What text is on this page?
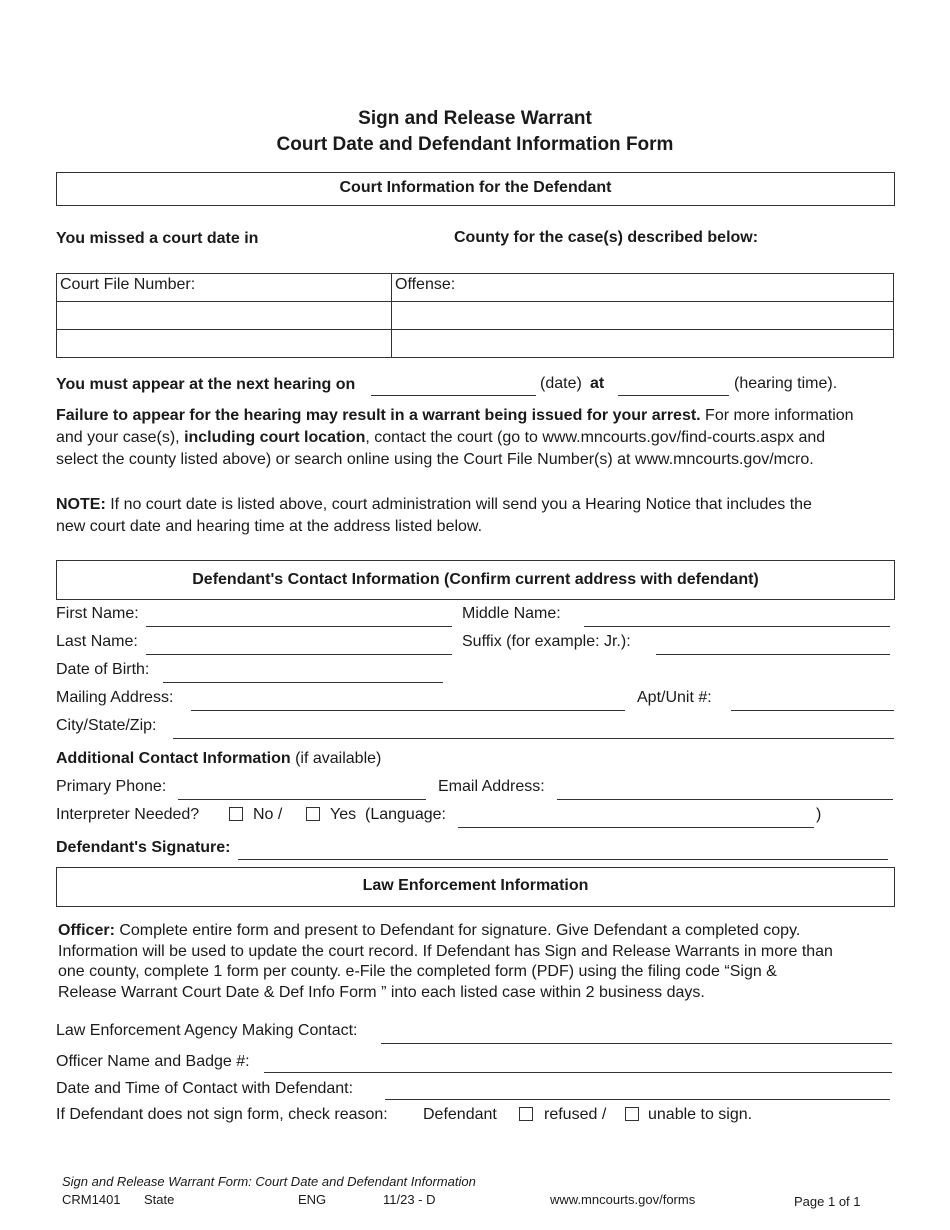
Sign and Release Warrant
Court Date and Defendant Information Form
Court Information for the Defendant
You missed a court date in	County for the case(s) described below:
Court File Number:	Offense:

You must appear at the next hearing on	(date) at	(hearing time).
Failure to appear for the hearing may result in a warrant being issued for your arrest. For more information
and your case(s), including court location, contact the court (go to www.mncourts.gov/find-courts.aspx and
select the county listed above) or search online using the Court File Number(s) at www.mncourts.gov/mcro.
NOTE: If no court date is listed above, court administration will send you a Hearing Notice that includes the
new court date and hearing time at the address listed below.
Defendant's Contact Information (Confirm current address with defendant)
First Name:	Middle Name:
Last Name:	Suffix (for example: Jr.):
Date of Birth:
Mailing Address:	Apt/Unit #:
City/State/Zip:
Additional Contact Information (if available)
Primary Phone:	Email Address:
Interpreter Needed?	No /	Yes  (Language:	)
Defendant's Signature:
Law Enforcement Information
Officer: Complete entire form and present to Defendant for signature. Give Defendant a completed copy.
Information will be used to update the court record. If Defendant has Sign and Release Warrants in more than
one county, complete 1 form per county. e-File the completed form (PDF) using the filing code “Sign &
Release Warrant Court Date & Def Info Form ” into each listed case within 2 business days.
Law Enforcement Agency Making Contact:
Officer Name and Badge #:
Date and Time of Contact with Defendant:
If Defendant does not sign form, check reason: Defendant	refused /	unable to sign.
Sign and Release Warrant Form: Court Date and Defendant Information
CRM1401 State	ENG	11/23 - D	www.mncourts.gov/forms	Page 1 of 1
